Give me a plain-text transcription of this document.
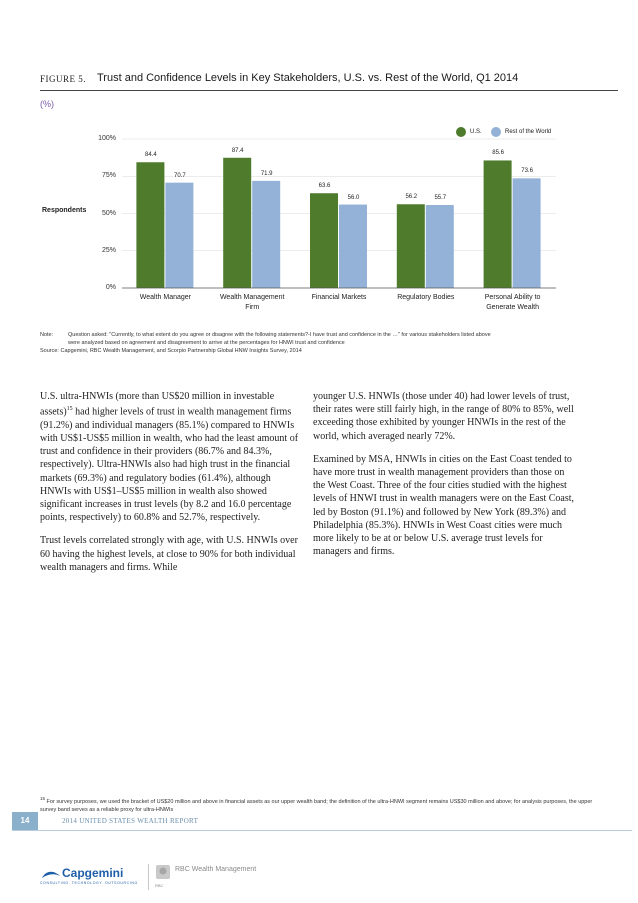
FIGURE 5. Trust and Confidence Levels in Key Stakeholders, U.S. vs. Rest of the World, Q1 2014
(%)
Respondents
0%
25%
50%
75%
100%
84.4
70.7
87.4
71.9
63.6
56.0	56.2	55.7
85.6
73.6
Wealth Manager	Wealth Management
Firm
Financial Markets	Regulatory Bodies	Personal Ability to
Generate Wealth
U.S.	Rest of the World
Note:	Question asked: "Currently, to what extent do you agree or disagree with the following statements?-I have trust and confidence in the …" for various stakeholders listed above
were analyzed based on agreement and disagreement to arrive at the percentages for HNWI trust and confidence
Source: Capgemini, RBC Wealth Management, and Scorpio Partnership Global HNW Insights Survey, 2014

U.S. ultra-HNWIs (more than US$20 million in investable assets)$^{15}$ had higher levels of trust in wealth management firms (91.2%) and individual managers (85.1%) compared to HNWIs with US$1-US$5 million in wealth, who had the least amount of trust and confidence in their providers (86.7% and 84.3%, respectively). Ultra-HNWIs also had high trust in the financial markets (69.3%) and regulatory bodies (61.4%), although HNWIs with US$1–US$5 million in wealth also showed significant increases in trust levels (by 8.2 and 16.0 percentage points, respectively) to 60.8% and 52.7%, respectively.

Trust levels correlated strongly with age, with U.S. HNWIs over 60 having the highest levels, at close to 90% for both individual wealth managers and firms. While

younger U.S. HNWIs (those under 40) had lower levels of trust, their rates were still fairly high, in the range of 80% to 85%, well exceeding those exhibited by younger HNWIs in the rest of the world, which averaged nearly 72%.

Examined by MSA, HNWIs in cities on the East Coast tended to have more trust in wealth management providers than those on the West Coast. Three of the four cities studied with the highest levels of HNWI trust in wealth managers were on the East Coast, led by Boston (91.1%) and followed by New York (89.3%) and Philadelphia (85.3%). HNWIs in West Coast cities were much more likely to be at or below U.S. average trust levels for managers and firms.

$^{15}$ For survey purposes, we used the bracket of US$20 million and above in financial assets as our upper wealth band; the definition of the ultra-HNWI segment remains US$30 million and above; for analysis purposes, the upper survey band serves as a reliable proxy for ultra-HNWIs
14	2014 UNITED STATES WEALTH REPORT
Capgemini
CONSULTING. TECHNOLOGY. OUTSOURCING	RBC
RBC Wealth Management
